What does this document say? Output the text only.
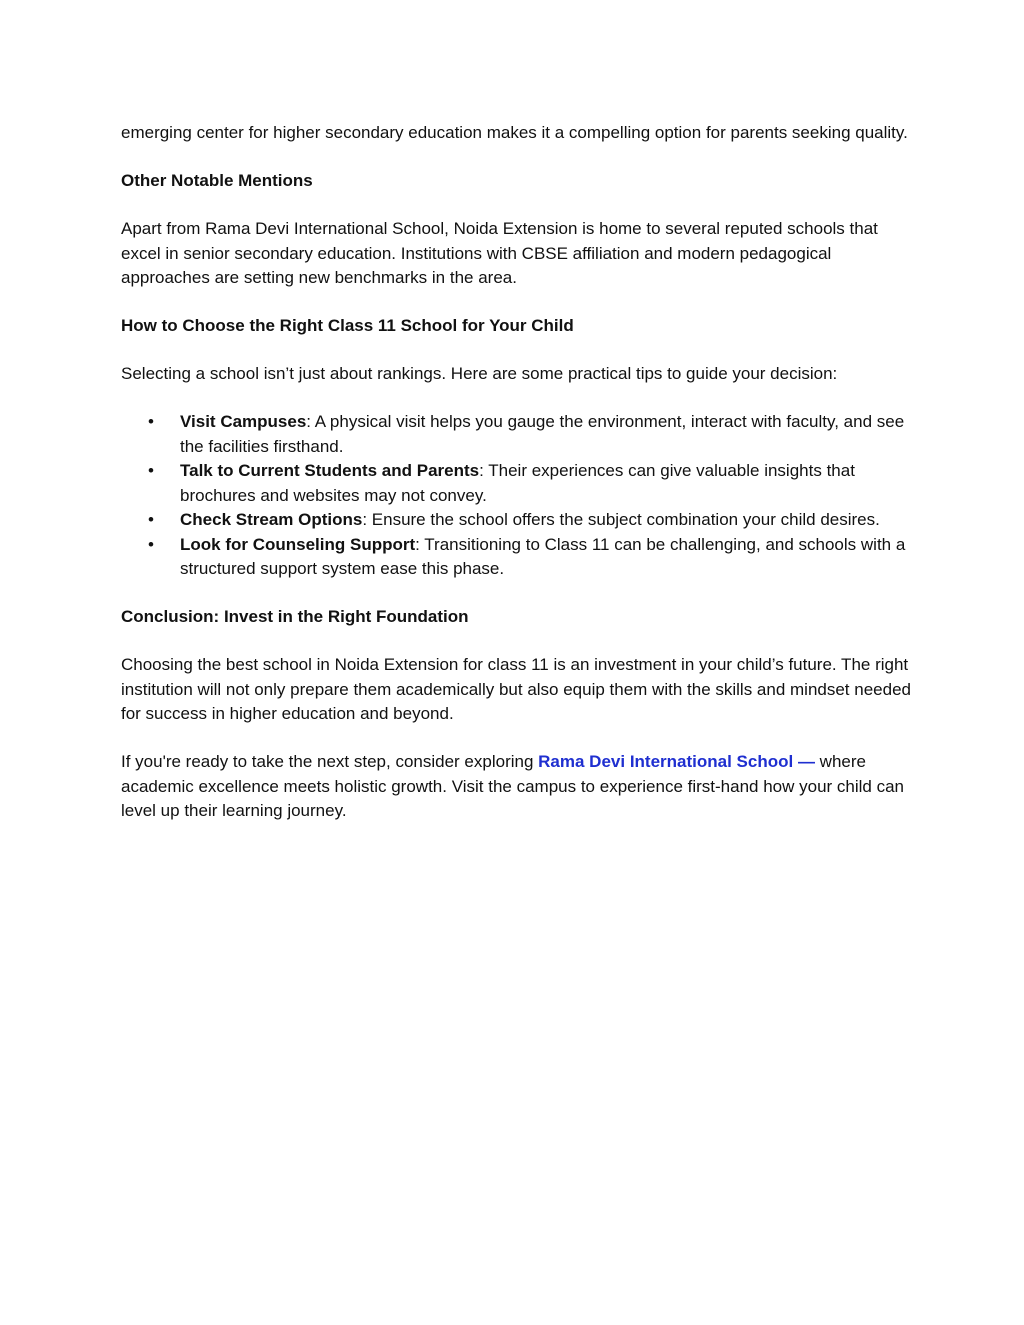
emerging center for higher secondary education makes it a compelling option for parents seeking quality.

Other Notable Mentions

Apart from Rama Devi International School, Noida Extension is home to several reputed schools that excel in senior secondary education. Institutions with CBSE affiliation and modern pedagogical approaches are setting new benchmarks in the area.

How to Choose the Right Class 11 School for Your Child

Selecting a school isn’t just about rankings. Here are some practical tips to guide your decision:

• Visit Campuses: A physical visit helps you gauge the environment, interact with faculty, and see the facilities firsthand.
• Talk to Current Students and Parents: Their experiences can give valuable insights that brochures and websites may not convey.
• Check Stream Options: Ensure the school offers the subject combination your child desires.
• Look for Counseling Support: Transitioning to Class 11 can be challenging, and schools with a structured support system ease this phase.
Conclusion: Invest in the Right Foundation

Choosing the best school in Noida Extension for class 11 is an investment in your child’s future. The right institution will not only prepare them academically but also equip them with the skills and mindset needed for success in higher education and beyond.

If you're ready to take the next step, consider exploring Rama Devi International School — where academic excellence meets holistic growth. Visit the campus to experience first-hand how your child can level up their learning journey.
